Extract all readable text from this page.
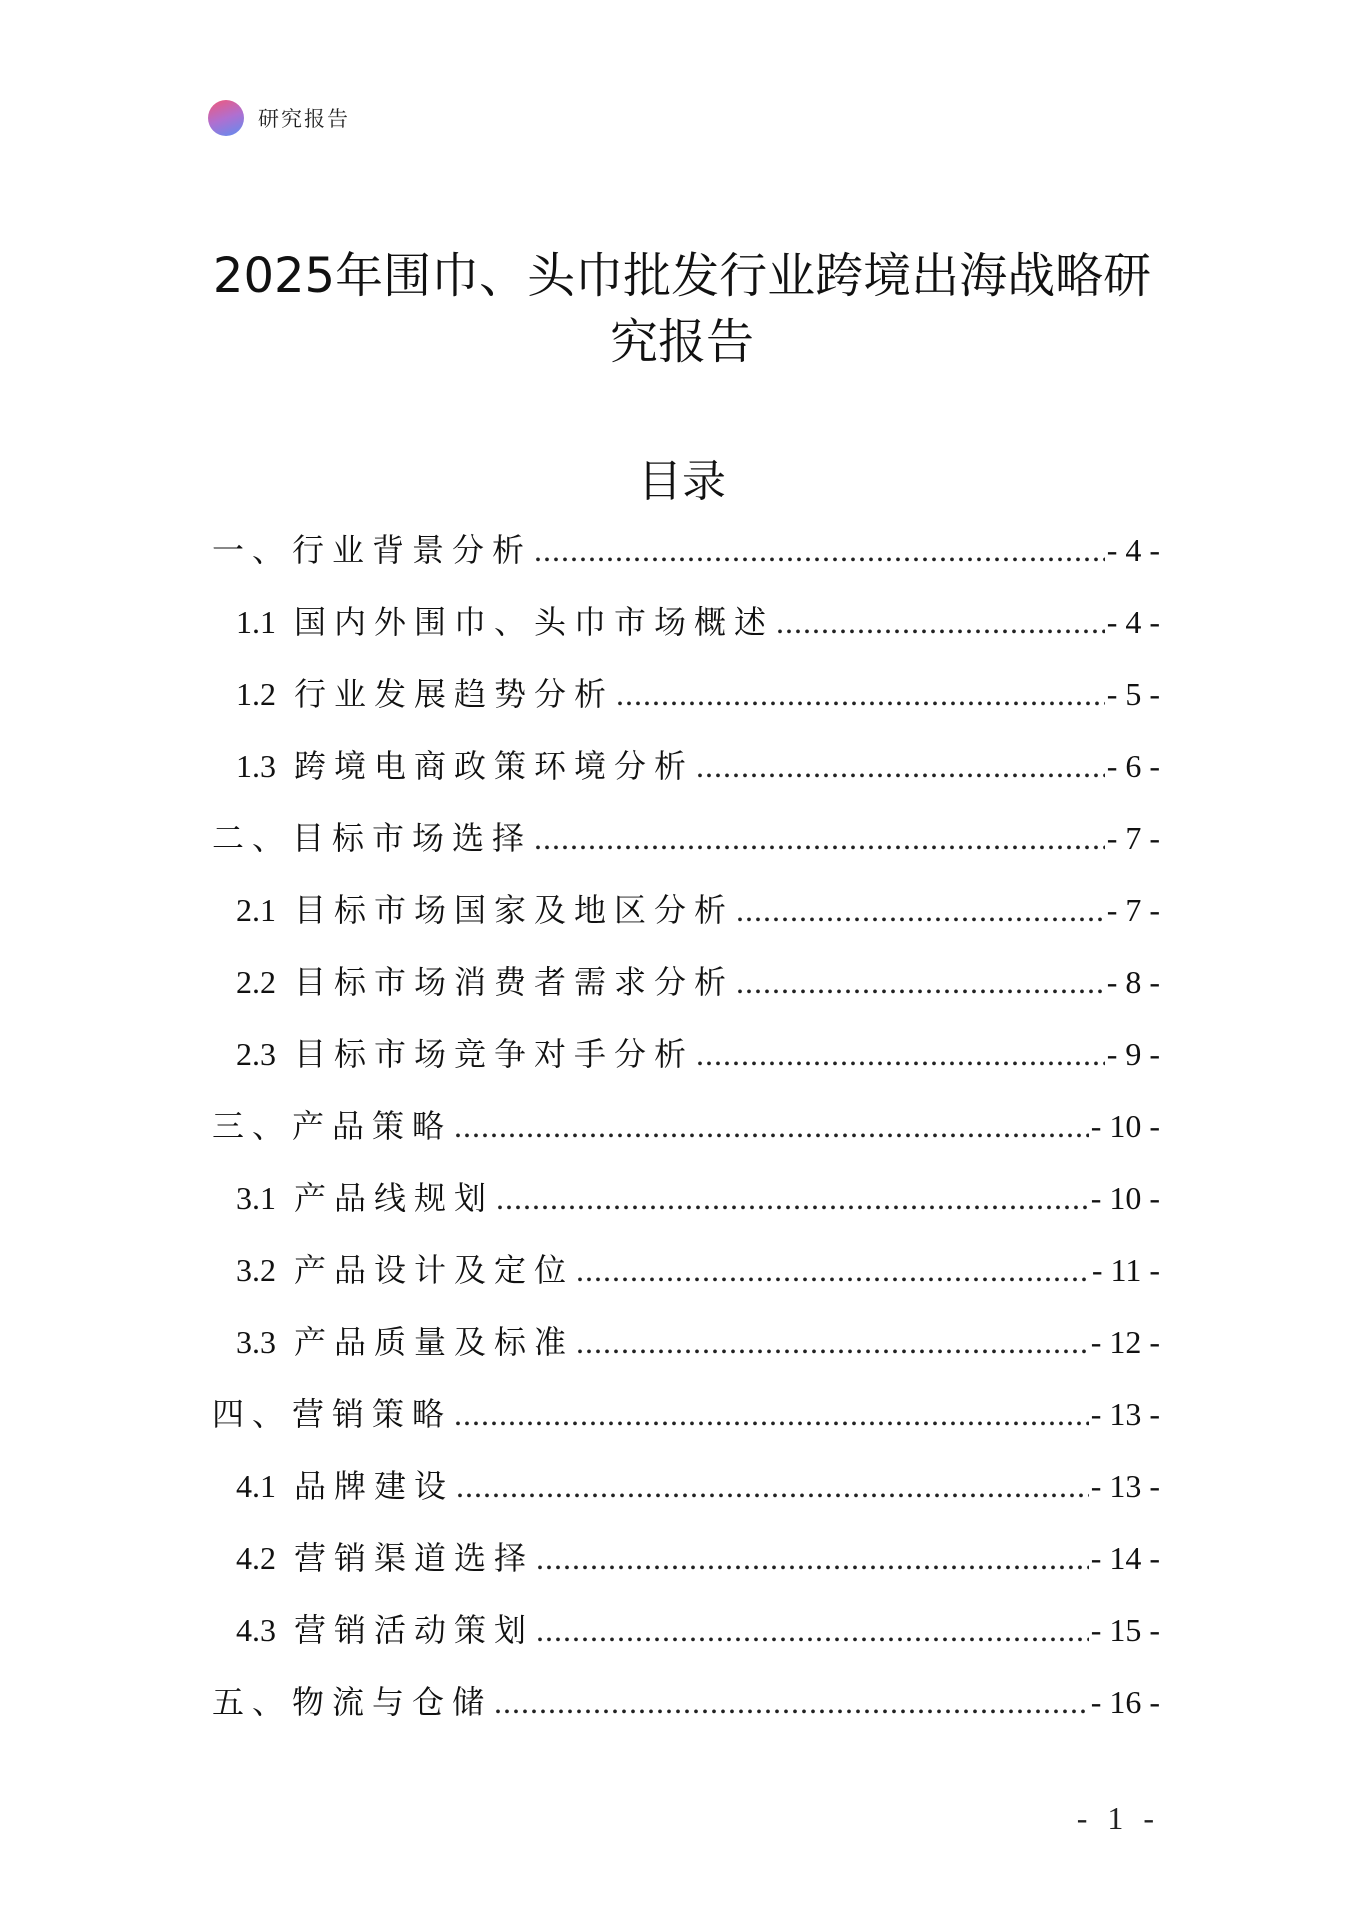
研究报告
2025年围巾、头巾批发行业跨境出海战略研究报告
目录
一、行业背景分析 .....	- 4 -
1.1 国内外围巾、头巾市场概述 .....	- 4 -
1.2 行业发展趋势分析 .....	- 5 -
1.3 跨境电商政策环境分析 .....	- 6 -
二、目标市场选择 .....	- 7 -
2.1 目标市场国家及地区分析 .....	- 7 -
2.2 目标市场消费者需求分析 .....	- 8 -
2.3 目标市场竞争对手分析 .....	- 9 -
三、产品策略 .....	- 10 -
3.1 产品线规划 .....	- 10 -
3.2 产品设计及定位 .....	- 11 -
3.3 产品质量及标准 .....	- 12 -
四、营销策略 .....	- 13 -
4.1 品牌建设 .....	- 13 -
4.2 营销渠道选择 .....	- 14 -
4.3 营销活动策划 .....	- 15 -
五、物流与仓储 .....	- 16 -
- 1 -
